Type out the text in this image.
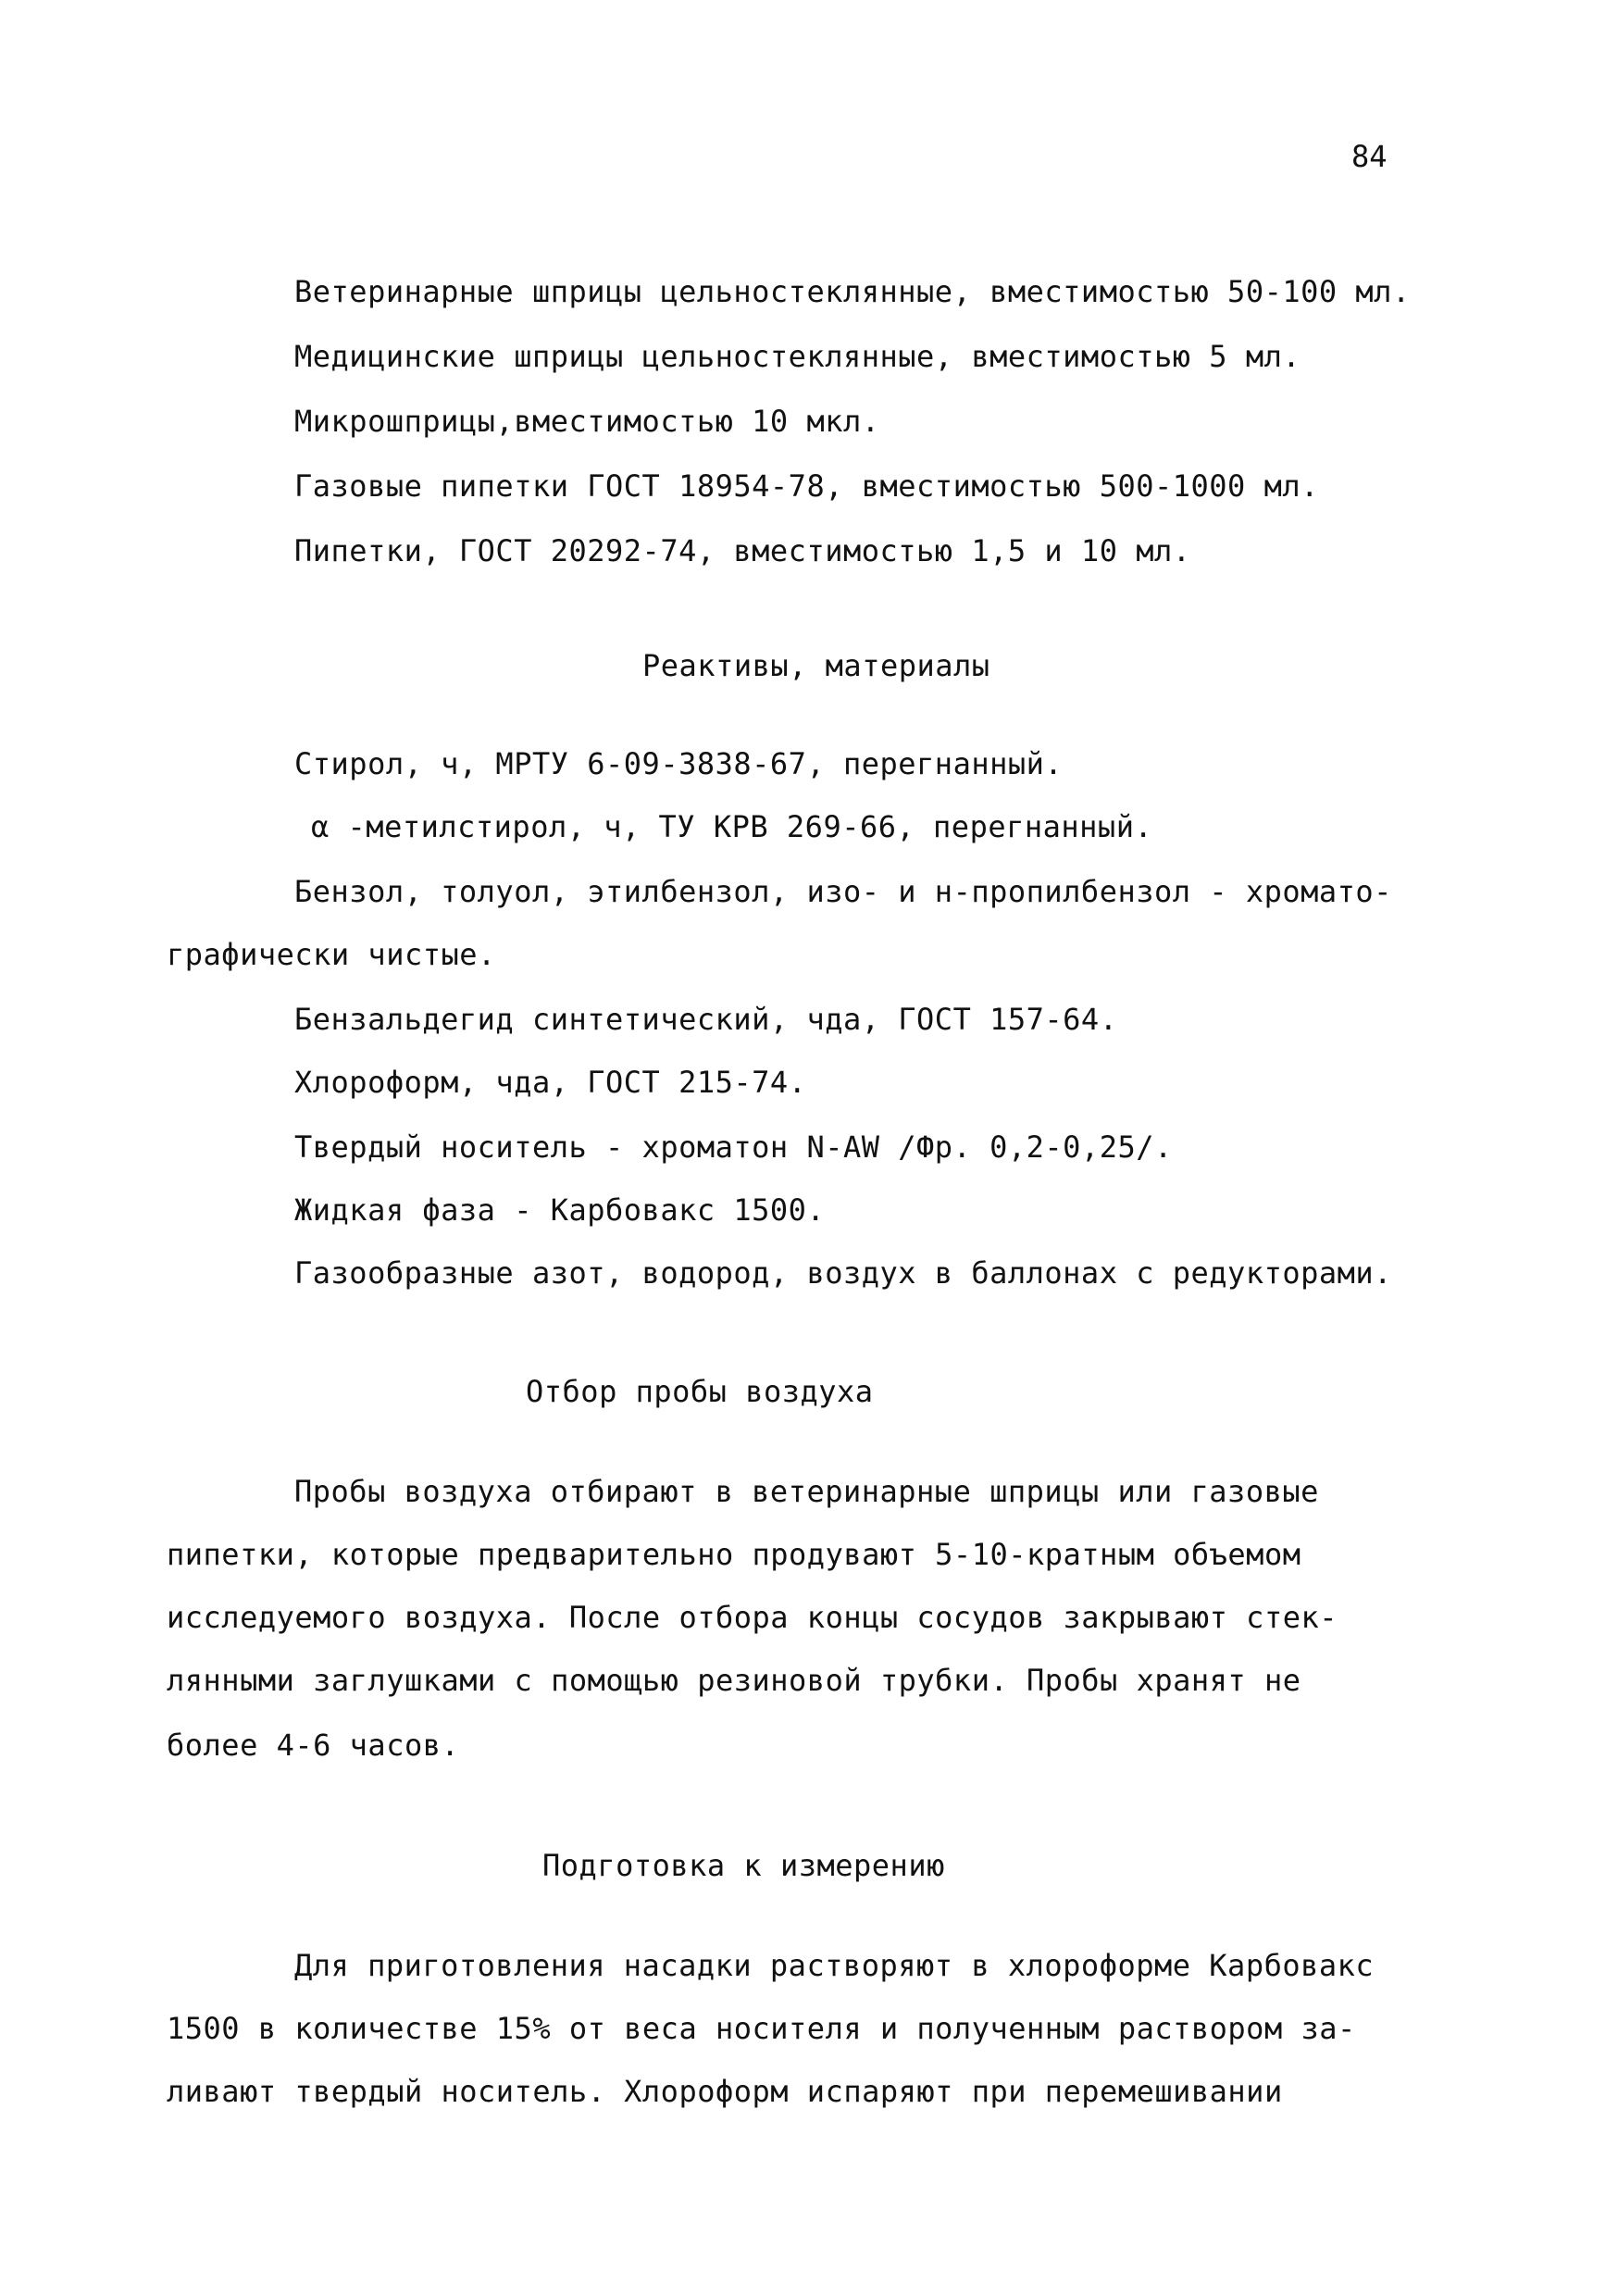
84
Ветеринарные шприцы цельностеклянные, вместимостью 50-100 мл.
Медицинские шприцы цельностеклянные, вместимостью 5 мл.
Микрошприцы,вместимостью 10 мкл.
Газовые пипетки ГОСТ 18954-78, вместимостью 500-1000 мл.
Пипетки, ГОСТ 20292-74, вместимостью 1,5 и 10 мл.
Реактивы, материалы
Стирол, ч, МРТУ 6-09-3838-67, перегнанный.
⍺ -метилстирол, ч, ТУ КРВ 269-66, перегнанный.
Бензол, толуол, этилбензол, изо- и н-пропилбензол - хромато-
графически чистые.
Бензальдегид синтетический, чда, ГОСТ 157-64.
Хлороформ, чда, ГОСТ 215-74.
Твердый носитель - хроматон N-AW /Фр. 0,2-0,25/.
Жидкая фаза - Карбовакс 1500.
Газообразные азот, водород, воздух в баллонах с редукторами.
Отбор пробы воздуха
Пробы воздуха отбирают в ветеринарные шприцы или газовые
пипетки, которые предварительно продувают 5-10-кратным объемом
исследуемого воздуха. После отбора концы сосудов закрывают стек-
лянными заглушками с помощью резиновой трубки. Пробы хранят не
более 4-6 часов.
Подготовка к измерению
Для приготовления насадки растворяют в хлороформе Карбовакс
1500 в количестве 15% от веса носителя и полученным раствором за-
ливают твердый носитель. Хлороформ испаряют при перемешивании
